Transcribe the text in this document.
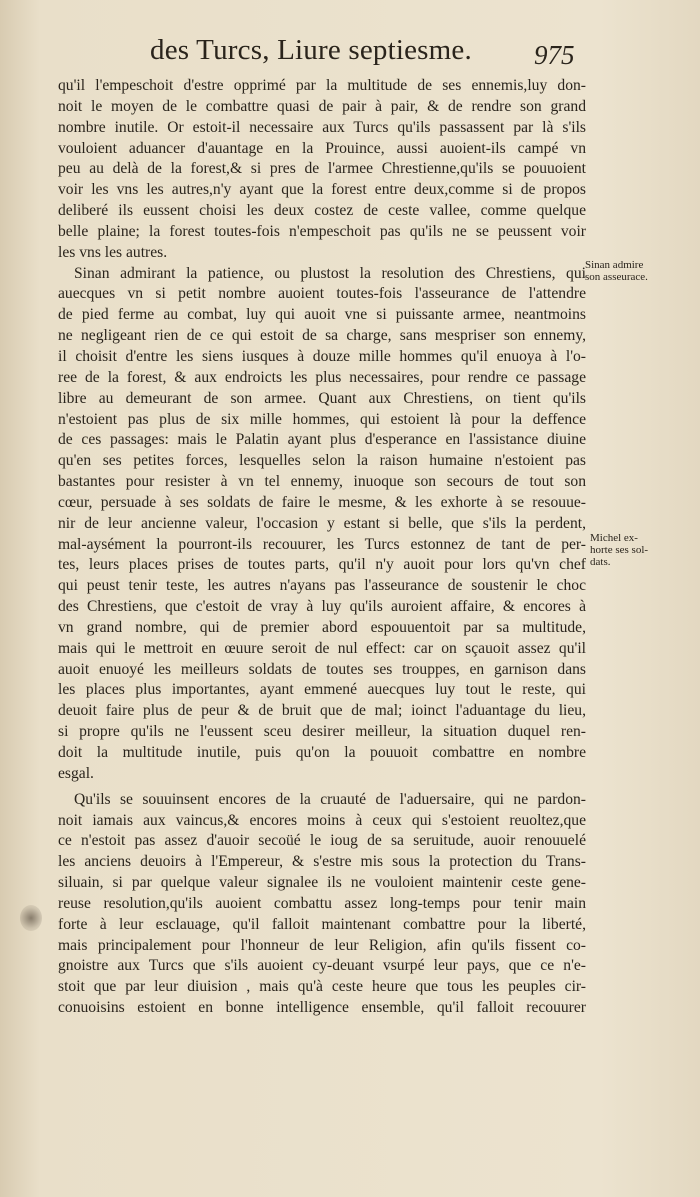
des Turcs, Liure septiesme. 975
qu'il l'empeschoit d'estre opprimé par la multitude de ses ennemis,luy don-
noit le moyen de le combattre quasi de pair à pair, & de rendre son grand
nombre inutile. Or estoit-il necessaire aux Turcs qu'ils passassent par là s'ils
vouloient aduancer d'auantage en la Prouince, aussi auoient-ils campé vn
peu au delà de la forest,& si pres de l'armee Chrestienne,qu'ils se pouuoient
voir les vns les autres,n'y ayant que la forest entre deux,comme si de propos
deliberé ils eussent choisi les deux costez de ceste vallee, comme quelque
belle plaine; la forest toutes-fois n'empeschoit pas qu'ils ne se peussent voir
les vns les autres.
Sinan admirant la patience, ou plustost la resolution des Chrestiens, qui
auecques vn si petit nombre auoient toutes-fois l'asseurance de l'attendre
de pied ferme au combat, luy qui auoit vne si puissante armee, neantmoins
ne negligeant rien de ce qui estoit de sa charge, sans mespriser son ennemy,
il choisit d'entre les siens iusques à douze mille hommes qu'il enuoya à l'o-
ree de la forest, & aux endroicts les plus necessaires, pour rendre ce passage
libre au demeurant de son armee. Quant aux Chrestiens, on tient qu'ils
n'estoient pas plus de six mille hommes, qui estoient là pour la deffence
de ces passages: mais le Palatin ayant plus d'esperance en l'assistance diuine
qu'en ses petites forces, lesquelles selon la raison humaine n'estoient pas
bastantes pour resister à vn tel ennemy, inuoque son secours de tout son
cœur, persuade à ses soldats de faire le mesme, & les exhorte à se resouue-
nir de leur ancienne valeur, l'occasion y estant si belle, que s'ils la perdent,
mal-aysément la pourront-ils recouurer, les Turcs estonnez de tant de per-
tes, leurs places prises de toutes parts, qu'il n'y auoit pour lors qu'vn chef
qui peust tenir teste, les autres n'ayans pas l'asseurance de soustenir le choc
des Chrestiens, que c'estoit de vray à luy qu'ils auroient affaire, & encores à
vn grand nombre, qui de premier abord espouuentoit par sa multitude,
mais qui le mettroit en œuure seroit de nul effect: car on sçauoit assez qu'il
auoit enuoyé les meilleurs soldats de toutes ses trouppes, en garnison dans
les places plus importantes, ayant emmené auecques luy tout le reste, qui
deuoit faire plus de peur & de bruit que de mal; ioinct l'aduantage du lieu,
si propre qu'ils ne l'eussent sceu desirer meilleur, la situation duquel ren-
doit la multitude inutile, puis qu'on la pouuoit combattre en nombre
esgal.
Qu'ils se souuinsent encores de la cruauté de l'aduersaire, qui ne pardon-
noit iamais aux vaincus,& encores moins à ceux qui s'estoient reuoltez,que
ce n'estoit pas assez d'auoir secoüé le ioug de sa seruitude, auoir renouuelé
les anciens deuoirs à l'Empereur, & s'estre mis sous la protection du Trans-
siluain, si par quelque valeur signalee ils ne vouloient maintenir ceste gene-
reuse resolution,qu'ils auoient combattu assez long-temps pour tenir main
forte à leur esclauage, qu'il falloit maintenant combattre pour la liberté,
mais principalement pour l'honneur de leur Religion, afin qu'ils fissent co-
gnoistre aux Turcs que s'ils auoient cy-deuant vsurpé leur pays, que ce n'e-
stoit que par leur diuision , mais qu'à ceste heure que tous les peuples cir-
conuoisins estoient en bonne intelligence ensemble, qu'il falloit recouurer
Sinan admire
son asseurace.
Michel ex-
horte ses sol-
dats.
